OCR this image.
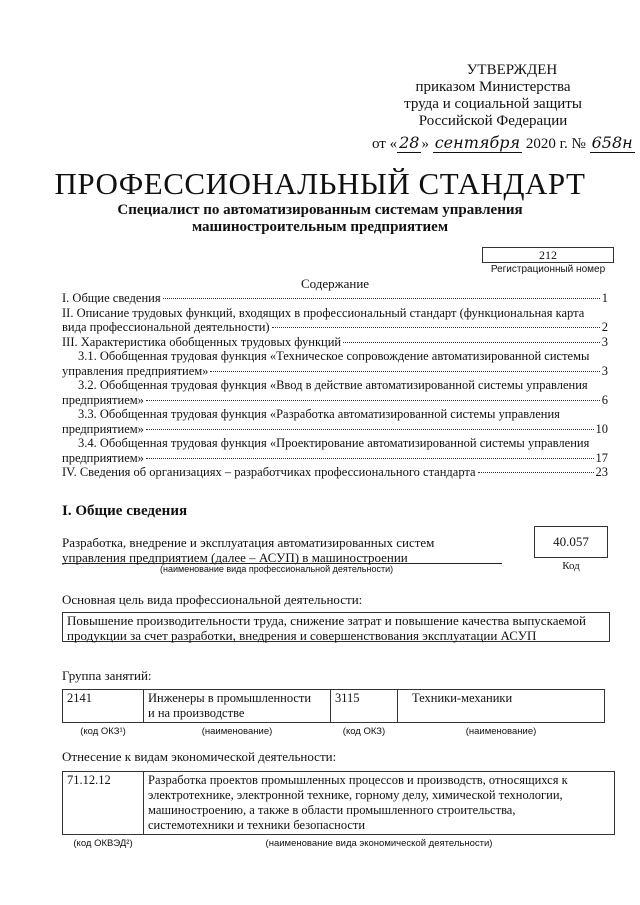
УТВЕРЖДЕН
приказом Министерства
труда и социальной защиты
Российской Федерации
от « 28 » сентября 2020 г. № 658н
ПРОФЕССИОНАЛЬНЫЙ СТАНДАРТ
Специалист по автоматизированным системам управления машиностроительным предприятием
212
Регистрационный номер
Содержание
I. Общие сведения	1
II. Описание трудовых функций, входящих в профессиональный стандарт (функциональная карта
вида профессиональной деятельности)	2
III. Характеристика обобщенных трудовых функций	3
3.1. Обобщенная трудовая функция «Техническое сопровождение автоматизированной системы
управления предприятием»	3
3.2. Обобщенная трудовая функция «Ввод в действие автоматизированной системы управления
предприятием»	6
3.3. Обобщенная трудовая функция «Разработка автоматизированной системы управления
предприятием»	10
3.4. Обобщенная трудовая функция «Проектирование автоматизированной системы управления
предприятием»	17
IV. Сведения об организациях – разработчиках профессионального стандарта	23
I. Общие сведения
Разработка, внедрение и эксплуатация автоматизированных систем
управления предприятием (далее – АСУП) в машиностроении
(наименование вида профессиональной деятельности)
40.057
Код
Основная цель вида профессиональной деятельности:
Повышение производительности труда, снижение затрат и повышение качества выпускаемой
продукции за счет разработки, внедрения и совершенствования эксплуатации АСУП
Группа занятий:
2141	Инженеры в промышленности
и на производстве	3115	Техники-механики

(код ОКЗ¹)	(наименование)	(код ОКЗ)	(наименование)
Отнесение к видам экономической деятельности:
71.12.12	Разработка проектов промышленных процессов и производств, относящихся к
электротехнике, электронной технике, горному делу, химической технологии,
машиностроению, а также в области промышленного строительства,
системотехники и техники безопасности

(код ОКВЭД²)	(наименование вида экономической деятельности)
